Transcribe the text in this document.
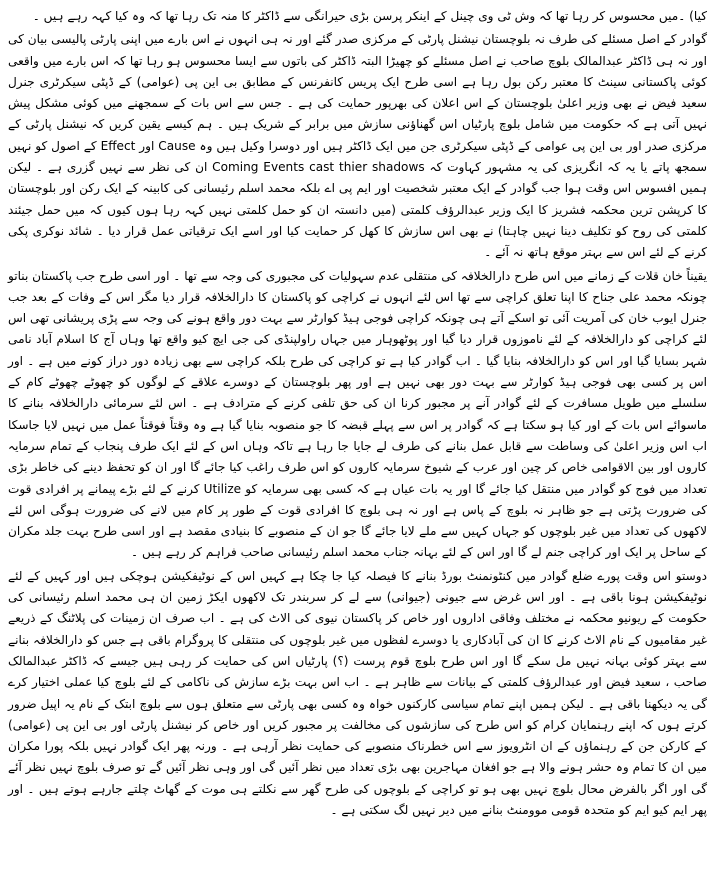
کیا) ۔میں محسوس کر رہا تھا کہ وش ٹی وی چینل کے اینکر پرسن بڑی حیرانگی سے ڈاکٹر کا منہ تک رہا تھا کہ وہ کیا کہہ رہے ہیں ۔

گوادر کے اصل مسئلے کی طرف نہ بلوچستان نیشنل پارٹی کے مرکزی صدر گئے اور نہ ہی انہوں نے اس بارے میں اپنی پارٹی پالیسی بیان کی اور نہ ہی ڈاکٹر عبدالمالک بلوچ صاحب نے اصل مسئلے کو چھیڑا البتہ ڈاکٹر کی باتوں سے ایسا محسوس ہو رہا تھا کہ اس بارے میں واقعی کوئی پاکستانی سینٹ کا معتبر رکن بول رہا ہے اسی طرح ایک پریس کانفرنس کے مطابق بی این پی (عوامی) کے ڈپٹی سیکرٹری جنرل سعید فیض نے بھی وزیر اعلیٰ بلوچستان کے اس اعلان کی بھرپور حمایت کی ہے ۔ جس سے اس بات کے سمجھنے میں کوئی مشکل پیش نہیں آتی ہے کہ حکومت میں شامل بلوچ پارٹیاں اس گھناؤنی سازش میں برابر کے شریک ہیں ۔ ہم کیسے یقین کریں کہ نیشنل پارٹی کے مرکزی صدر اور بی این پی عوامی کے ڈپٹی سیکرٹری جن میں ایک ڈاکٹر ہیں اور دوسرا وکیل ہیں وہ Cause اور Effect کے اصول کو نہیں سمجھ پاتے یا یہ کہ انگریزی کی یہ مشہور کہاوت کہ Coming Events cast thier shadows ان کی نظر سے نہیں گزری ہے ۔ لیکن ہمیں افسوس اس وقت ہوا جب گوادر کے ایک معتبر شخصیت اور ایم پی اے بلکہ محمد اسلم رئیسانی کی کابینہ کے ایک رکن اور بلوچستان کا کرپشن ترین محکمہ فشریز کا ایک وزیر عبدالرؤف کلمتی (میں دانستہ ان کو حمل کلمتی نہیں کہہ رہا ہوں کیوں کہ میں حمل جیئند کلمتی کی روح کو تکلیف دینا نہیں چاہتا) نے بھی اس سازش کا کھل کر حمایت کیا اور اسے ایک ترقیاتی عمل قرار دیا ۔ شائد نوکری پکی کرنے کے لئے اس سے بہتر موقع ہاتھ نہ آئے ۔

یقیناً خان قلات کے زمانے میں اس طرح دارالخلافہ کی منتقلی عدم سہولیات کی مجبوری کی وجہ سے تھا ۔ اور اسی طرح جب پاکستان بناتو چونکہ محمد علی جناح کا اپنا تعلق کراچی سے تھا اس لئے انہوں نے کراچی کو پاکستان کا دارالخلافہ قرار دیا مگر اس کے وفات کے بعد جب جنرل ایوب خان کی آمریت آئی تو اسکے آتے ہی چونکہ کراچی فوجی ہیڈ کوارٹر سے بہت دور واقع ہونے کی وجہ سے پڑی پریشانی تھی اس لئے کراچی کو دارالخلافہ کے لئے ناموزوں قرار دیا گیا اور پوٹھوہار میں جہاں راولپنڈی کی جی ایچ کیو واقع تھا وہاں آج کا اسلام آباد نامی شہر بسایا گیا اور اس کو دارالخلافہ بنایا گیا ۔ اب گوادر کیا ہے تو کراچی کی طرح بلکہ کراچی سے بھی زیادہ دور دراز کونے میں ہے ۔ اور اس پر کسی بھی فوجی ہیڈ کوارٹر سے بہت دور بھی نہیں ہے اور پھر بلوچستان کے دوسرے علاقے کے لوگوں کو چھوٹے چھوٹے کام کے سلسلے میں طویل مسافرت کے لئے گوادر آنے پر مجبور کرنا ان کی حق تلفی کرنے کے مترادف ہے ۔ اس لئے سرمائی دارالخلافہ بنانے کا ماسوائے اس بات کے اور کیا ہو سکتا ہے کہ گوادر پر اس سے پہلے قبضہ کا جو منصوبہ بنایا گیا ہے وہ وقتاً فوقتاً عمل میں نہیں لایا جاسکا اب اس وزیر اعلیٰ کی وساطت سے قابل عمل بنانے کی طرف لے جایا جا رہا ہے تاکہ وہاں اس کے لئے ایک طرف پنجاب کے تمام سرمایہ کاروں اور بین الاقوامی خاص کر چین اور عرب کے شیوخ سرمایہ کاروں کو اس طرف راغب کیا جائے گا اور ان کو تحفظ دینے کی خاطر بڑی تعداد میں فوج کو گوادر میں منتقل کیا جائے گا اور یہ بات عیاں ہے کہ کسی بھی سرمایہ کو Utilize کرنے کے لئے بڑے پیمانے پر افرادی قوت کی ضرورت پڑتی ہے جو ظاہر نہ بلوچ کے پاس ہے اور نہ ہی بلوچ کا افرادی قوت کے طور پر کام میں لانے کی ضرورت ہوگی اس لئے لاکھوں کی تعداد میں غیر بلوچوں کو جہاں کہیں سے ملے لایا جائے گا جو ان کے منصوبے کا بنیادی مقصد ہے اور اسی طرح بہت جلد مکران کے ساحل پر ایک اور کراچی جنم لے گا اور اس کے لئے بہانہ جناب محمد اسلم رئیسانی صاحب فراہم کر رہے ہیں ۔

دوستو اس وقت پورے ضلع گوادر میں کنٹونمنٹ بورڈ بنانے کا فیصلہ کیا جا چکا ہے کہیں اس کے نوٹیفکیشن ہوچکی ہیں اور کہیں کے لئے نوٹیفکیشن ہونا باقی ہے ۔ اور اس غرض سے جیونی (جیوانی) سے لے کر سربندر تک لاکھوں ایکڑ زمین ان ہی محمد اسلم رئیسانی کی حکومت کے ریونیو محکمہ نے مختلف وفاقی اداروں اور خاص کر پاکستان نیوی کی الاٹ کی ہے ۔ اب صرف ان زمینات کی پلاٹنگ کے ذریعے غیر مقامیوں کے نام الاٹ کرنے کا ان کی آبادکاری یا دوسرے لفظوں میں غیر بلوچوں کی منتقلی کا پروگرام باقی ہے جس کو دارالخلافہ بنانے سے بہتر کوئی بہانہ نہیں مل سکے گا اور اس طرح بلوچ قوم پرست (؟) پارٹیاں اس کی حمایت کر رہی ہیں جیسے کہ ڈاکٹر عبدالمالک صاحب ، سعید فیض اور عبدالرؤف کلمتی کے بیانات سے ظاہر ہے ۔ اب اس بہت بڑے سازش کی ناکامی کے لئے بلوچ کیا عملی اختیار کرے گی یہ دیکھنا باقی ہے ۔ لیکن ہمیں اپنے تمام سیاسی کارکنوں خواہ وہ کسی بھی پارٹی سے متعلق ہوں سے بلوچ ابتک کے نام یہ اپیل ضرور کرتے ہوں کہ اپنے رہنمایان کرام کو اس طرح کی سازشوں کی مخالفت پر مجبور کریں اور خاص کر نیشنل پارٹی اور بی این پی (عوامی) کے کارکن جن کے رہنماؤں کے ان انٹرویوز سے اس خطرناک منصوبے کی حمایت نظر آرہی ہے ۔ ورنہ پھر ایک گوادر نہیں بلکہ پورا مکران میں ان کا تمام وہ حشر ہونے والا ہے جو افغان مہاجرین بھی بڑی تعداد میں نظر آئیں گی اور وہی نظر آئیں گے تو صرف بلوچ نہیں نظر آئے گی اور اگر بالفرض محال بلوچ نہیں بھی ہو تو کراچی کے بلوچوں کی طرح گھر سے نکلتے ہی موت کے گھاٹ چلتے جارہے ہوتے ہیں ۔ اور پھر ایم کیو ایم کو متحدہ قومی موومنٹ بنانے میں دیر نہیں لگ سکتی ہے ۔
